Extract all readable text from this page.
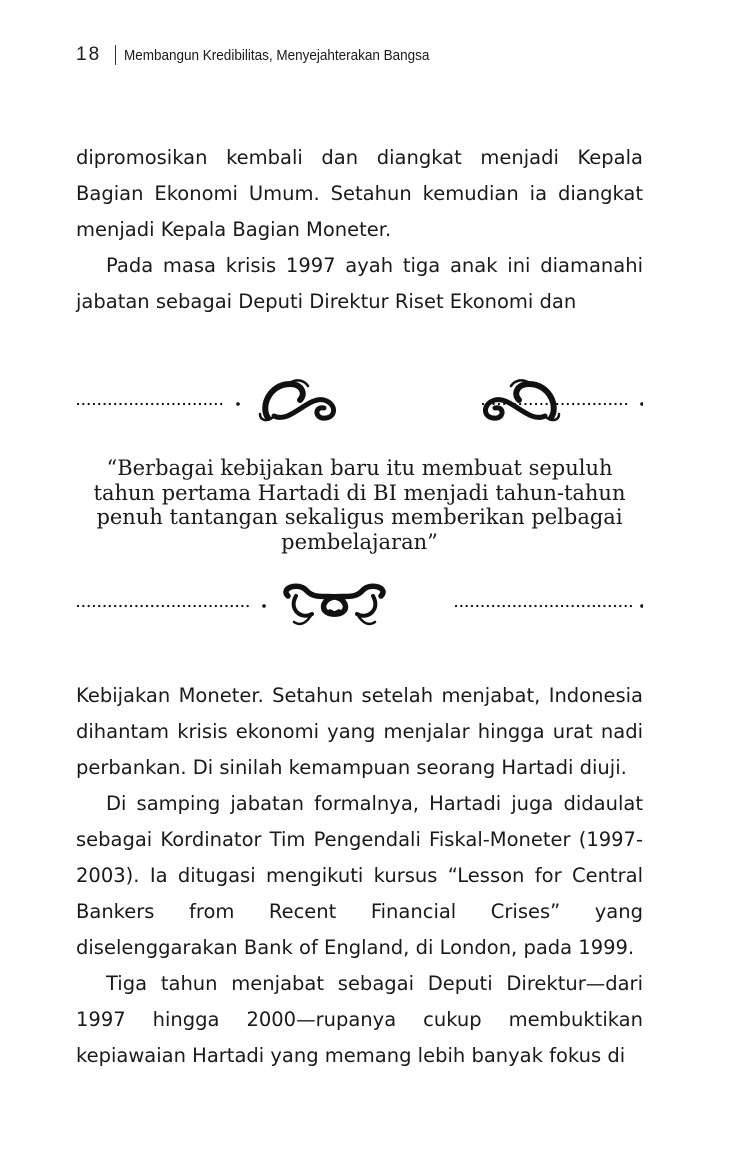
18 Membangun Kredibilitas, Menyejahterakan Bangsa

dipromosikan kembali dan diangkat menjadi Kepala Bagian Ekonomi Umum. Setahun kemudian ia diangkat menjadi Kepala Bagian Moneter.

Pada masa krisis 1997 ayah tiga anak ini diamanahi jabatan sebagai Deputi Direktur Riset Ekonomi dan

“Berbagai kebijakan baru itu membuat sepuluh tahun pertama Hartadi di BI menjadi tahun-tahun penuh tantangan sekaligus memberikan pelbagai pembelajaran”

Kebijakan Moneter. Setahun setelah menjabat, Indonesia dihantam krisis ekonomi yang menjalar hingga urat nadi perbankan. Di sinilah kemampuan seorang Hartadi diuji.

Di samping jabatan formalnya, Hartadi juga didaulat sebagai Kordinator Tim Pengendali Fiskal-Moneter (1997-2003). Ia ditugasi mengikuti kursus “Lesson for Central Bankers from Recent Financial Crises” yang diselenggarakan Bank of England, di London, pada 1999.

Tiga tahun menjabat sebagai Deputi Direktur—dari 1997 hingga 2000—rupanya cukup membuktikan kepiawaian Hartadi yang memang lebih banyak fokus di
